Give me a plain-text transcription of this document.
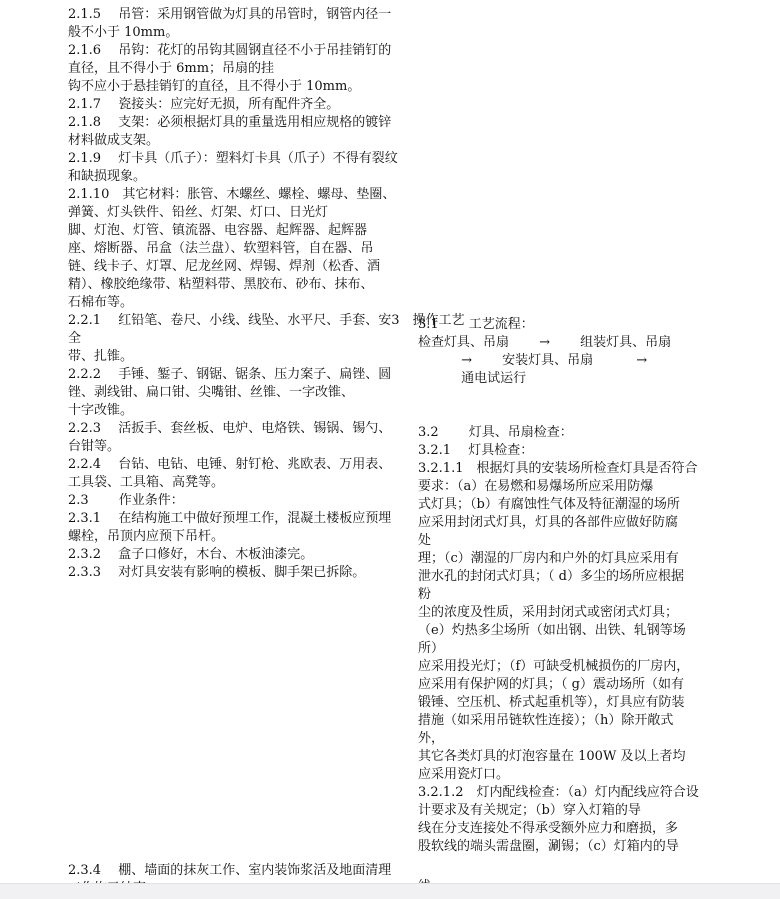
2.1.5　 吊管：采用钢管做为灯具的吊管时，钢管内径一
般不小于 10mm。
2.1.6　 吊钩：花灯的吊钩其圆钢直径不小于吊挂销钉的
直径，且不得小于 6mm；吊扇的挂
钩不应小于悬挂销钉的直径，且不得小于 10mm。
2.1.7　 瓷接头：应完好无损，所有配件齐全。
2.1.8　 支架：必须根据灯具的重量选用相应规格的镀锌
材料做成支架。
2.1.9　 灯卡具（爪子）：塑料灯卡具（爪子）不得有裂纹
和缺损现象。
2.1.10　其它材料：胀管、木螺丝、螺栓、螺母、垫圈、
弹簧、灯头铁件、铅丝、灯架、灯口、日光灯
脚、灯泡、灯管、镇流器、电容器、起辉器、起辉器
座、熔断器、吊盒（法兰盘）、软塑料管，自在器、吊
链、线卡子、灯罩、尼龙丝网、焊锡、焊剂（松香、酒
精）、橡胶绝缘带、粘塑料带、黑胶布、砂布、抹布、
石棉布等。
2.2.1　 红铅笔、卷尺、小线、线坠、水平尺、手套、安3　操作工艺
全
带、扎锥。
2.2.2　 手锤、錾子、钢锯、锯条、压力案子、扁锉、圆
锉、剥线钳、扁口钳、尖嘴钳、丝锥、一字改锥、
十字改锥。
2.2.3　 活扳手、套丝板、电炉、电烙铁、锡锅、锡勺、
台钳等。
2.2.4　 台钻、电钻、电锤、射钉枪、兆欧表、万用表、
工具袋、工具箱、高凳等。
2.3　　 作业条件：
2.3.1　 在结构施工中做好预埋工作，混凝土楼板应预埋
螺栓，吊顶内应预下吊杆。
2.3.2　 盒子口修好，木台、木板油漆完。
2.3.3　 对灯具安装有影响的模板、脚手架已拆除。
2.3.4　 棚、墙面的抹灰工作、室内装饰浆活及地面清理
3.1　　 工艺流程：
检查灯具、吊扇　　 →　　 组装灯具、吊扇
　　　 →　　 安装灯具、吊扇　　　 →
　　　 通电试运行

3.2　　 灯具、吊扇检查：
3.2.1　 灯具检查：
3.2.1.1　根据灯具的安装场所检查灯具是否符合
要求：（a）在易燃和易爆场所应采用防爆
式灯具；（b）有腐蚀性气体及特征潮湿的场所
应采用封闭式灯具，灯具的各部件应做好防腐
处
理；（c）潮湿的厂房内和户外的灯具应采用有
泄水孔的封闭式灯具；（ d）多尘的场所应根据
粉
尘的浓度及性质，采用封闭式或密闭式灯具；
（e）灼热多尘场所（如出钢、出铁、轧钢等场
所）
应采用投光灯；（f）可缺受机械损伤的厂房内，
应采用有保护网的灯具；（ g）震动场所（如有
锻锤、空压机、桥式起重机等），灯具应有防装
措施（如采用吊链软性连接）；（h）除开敞式
外，
其它各类灯具的灯泡容量在 100W 及以上者均
应采用瓷灯口。
3.2.1.2　灯内配线检查：（a）灯内配线应符合设
计要求及有关规定；（b）穿入灯箱的导
线在分支连接处不得承受额外应力和磨损，多
股软线的端头需盘圈，涮锡；（c）灯箱内的导
